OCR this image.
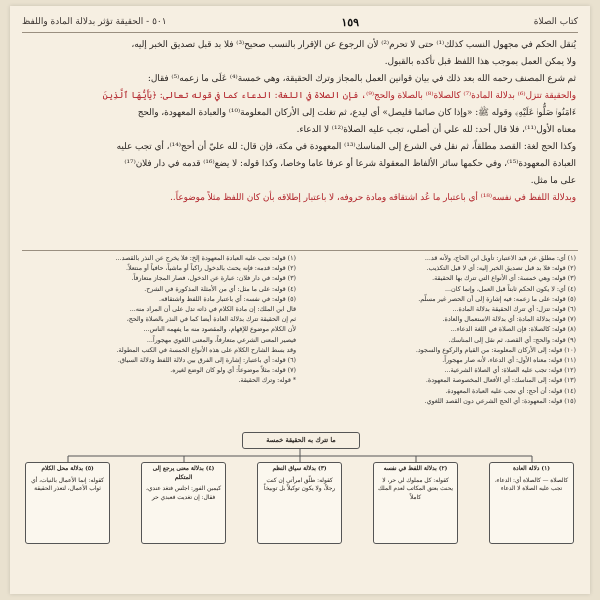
كتاب الصلاة
١٥٩
٥٠١ - الحقيقة تؤثر بدلالة المادة واللفظ

يُنقل الحكم في مجهول النسب كذلك⁽¹⁾ حتى لا تحرم⁽²⁾ لأن الرجوع عن الإقرار بالنسب صحيح⁽³⁾ فلا بد قبل تصديق الخبر إليه،

ولا يمكن العمل بموجب هذا اللفظ قبل تأكده بالقبول.

ثم شرع المصنف رحمه الله بعد ذلك في بيان قوانين العمل بالمجاز وترك الحقيقة، وهي خمسة⁽⁴⁾ عَلَى ما زعمه⁽⁵⁾ فقال:

والحقيقة تتزل⁽⁶⁾ بدلالة المادة⁽⁷⁾ كالصلاة⁽⁸⁾ بالصلاة والحج⁽⁹⁾، فإن الصلاة في اللغة: الدعاء كما في قوله تعالى: ﴿يَأَيُّهَا ٱلَّذِينَ

ءَامَنُوا۟ صَلُّوا۟ عَلَيْهِ﴾ وقوله ﷺ: «وإذا كان صائما فليصل» أي ليدع، ثم تغلت إلى الأركان المعلومة⁽¹⁰⁾ والعبادة المعهودة، والحج

معناه الأول⁽¹¹⁾، فلا قال أحد: لله علي أن أصلي، تجب عليه الصلاة⁽¹²⁾ لا الدعاء.

وكذا الحج لغة: القصد مطلقاً، ثم نقل في الشرع إلى المناسك⁽¹³⁾ المعهودة في مكة، فإن قال: لله عليّ أن أحج⁽¹⁴⁾، أي تجب عليه

العبادة المعهودة⁽¹⁵⁾، وفي حكمها سائر الألفاظ المعقولة شرعا أو عرفا عاما وخاصا، وكذا قوله: لا يضع⁽¹⁶⁾ قدمه في دار فلان⁽¹⁷⁾

على ما مثل.

وبدلالة اللفظ في نفسه⁽¹⁸⁾ أي باعتبار ما عُد اشتقاقه ومادة حروفه، لا باعتبار إطلاقه بأن كان اللفظ مثلاً موضوعاً..

(١) أي: مطلق عن قيد الاعتبار: تأويل ابن الحاج، ولأنه قد...
(٢) قوله: فلا بد قبل تصديق الخبر إليه: أي لا قبل التكذيب.
(٣) قوله: وهي خمسة: أي الأنواع التي تترك بها الحقيقة.
(٤) أي: لا يكون الحكم ثابتاً قبل العمل، وإنما كان...
(٥) قوله: على ما زعمه: فيه إشارة إلى أن الحصر غير مسلّم.
(٦) قوله: تتزل: أي تترك الحقيقة بدلالة المادة...
(٧) قوله: بدلالة المادة: أي بدلالة الاستعمال والعادة.
(٨) قوله: كالصلاة: فإن الصلاة في اللغة الدعاء...
(٩) قوله: والحج: أي القصد، ثم نقل إلى المناسك.
(١٠) قوله: إلى الأركان المعلومة: من القيام والركوع والسجود.
(١١) قوله: معناه الأول: أي الدعاء، لأنه صار مهجوراً.
(١٢) قوله: تجب عليه الصلاة: أي الصلاة الشرعية...
(١٣) قوله: إلى المناسك: أي الأفعال المخصوصة المعهودة.
(١٤) قوله: أن أحج: أي تجب عليه العبادة المعهودة.
(١٥) قوله: المعهودة: أي الحج الشرعي دون القصد اللغوي.
(١) قوله: تجب عليه العبادة المعهودة إلخ: فلا يخرج عن النذر بالقصد...
(٢) قوله: قدمه: فإنه يحنث بالدخول راكباً أو ماشياً، حافياً أو منتعلاً.
(٣) قوله: في دار فلان: عبارة عن الدخول، فصار المجاز متعارفاً.
(٤) قوله: على ما مثل: أي من الأمثلة المذكورة في الشرح.
(٥) قوله: في نفسه: أي باعتبار مادة اللفظ واشتقاقه.
قال ابن الملك: إن مادة الكلام في ذاته تدل على أن المراد منه...
ثم إن الحقيقة تترك بدلالة العادة أيضا كما في النذر بالصلاة والحج،
لأن الكلام موضوع للإفهام، والمقصود منه ما يفهمه الناس...
فيصير المعنى الشرعي متعارفاً، والمعنى اللغوي مهجوراً...
وقد بسط الشارح الكلام على هذه الأنواع الخمسة في الكتب المطولة.
(٦) قوله: أي باعتبار: إشارة إلى الفرق بين دلالة اللفظ ودلالة السياق.
(٧) قوله: مثلاً موضوعاً: أي ولو كان الوضع لغيره.
* قوله: وترك الحقيقة.
ما تترك به الحقيقة خمسة
(١) دلالة العادة
كالصلاة — كالصلاة أي: الدعاء، تجب عليه الصلاة لا الدعاء
(٢) بدلالة اللفظ في نفسه
كقوله: كل مملوك لي حر، لا يحنث بعتق المكاتب لعدم الملك كاملاً
(٣) بدلالة سياق النظم
كقوله: طلّق امرأتي إن كنت رجلاً، ولا يكون توكيلاً بل توبيخاً
(٤) بدلالة معنى يرجع إلى المتكلم
كيمين الفور: اجلس فتغد عندي، فقال: إن تغديت فعبدي حر
(٥) بدلالة محل الكلام
كقوله: إنما الأعمال بالنيات، أي ثواب الأعمال، لتعذر الحقيقة
